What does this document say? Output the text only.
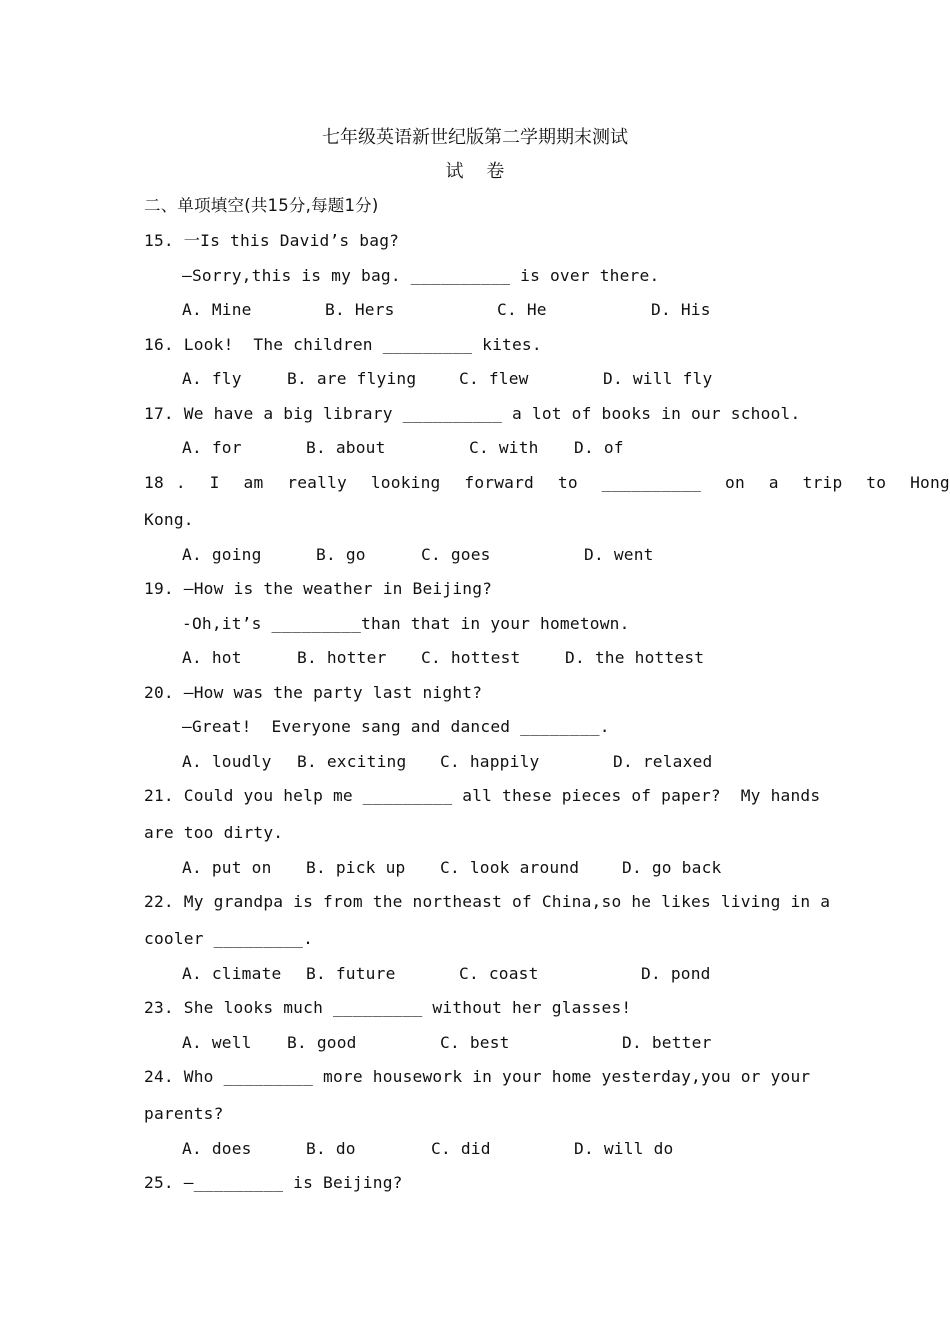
七年级英语新世纪版第二学期期末测试
试    卷
二、单项填空(共15分,每题1分)
15. 一Is this David’s bag?
—Sorry,this is my bag. __________ is over there.
A. Mine	B. Hers	C. He	D. His
16. Look!  The children _________ kites.
A. fly	B. are flying	C. flew	D. will fly
17. We have a big library __________ a lot of books in our school.
A. for	B. about	C. with D. of
18 .  I  am  really  looking  forward  to  __________  on  a  trip  to  Hong
Kong.
A. going	B. go	C. goes	D. went
19. —How is the weather in Beijing?
-Oh,it’s _________than that in your hometown.
A. hot	B. hotter C. hottest	D. the hottest
20. —How was the party last night?
—Great!  Everyone sang and danced ________.
A. loudly B. exciting C. happily	D. relaxed
21. Could you help me _________ all these pieces of paper?  My hands
are too dirty.
A. put on B. pick up C. look around	D. go back
22. My grandpa is from the northeast of China,so he likes living in a
cooler _________.
A. climate B. future	C. coast	D. pond
23. She looks much _________ without her glasses!
A. well B. good	C. best	D. better
24. Who _________ more housework in your home yesterday,you or your
parents?
A. does	B. do	C. did	D. will do
25. —_________ is Beijing?
